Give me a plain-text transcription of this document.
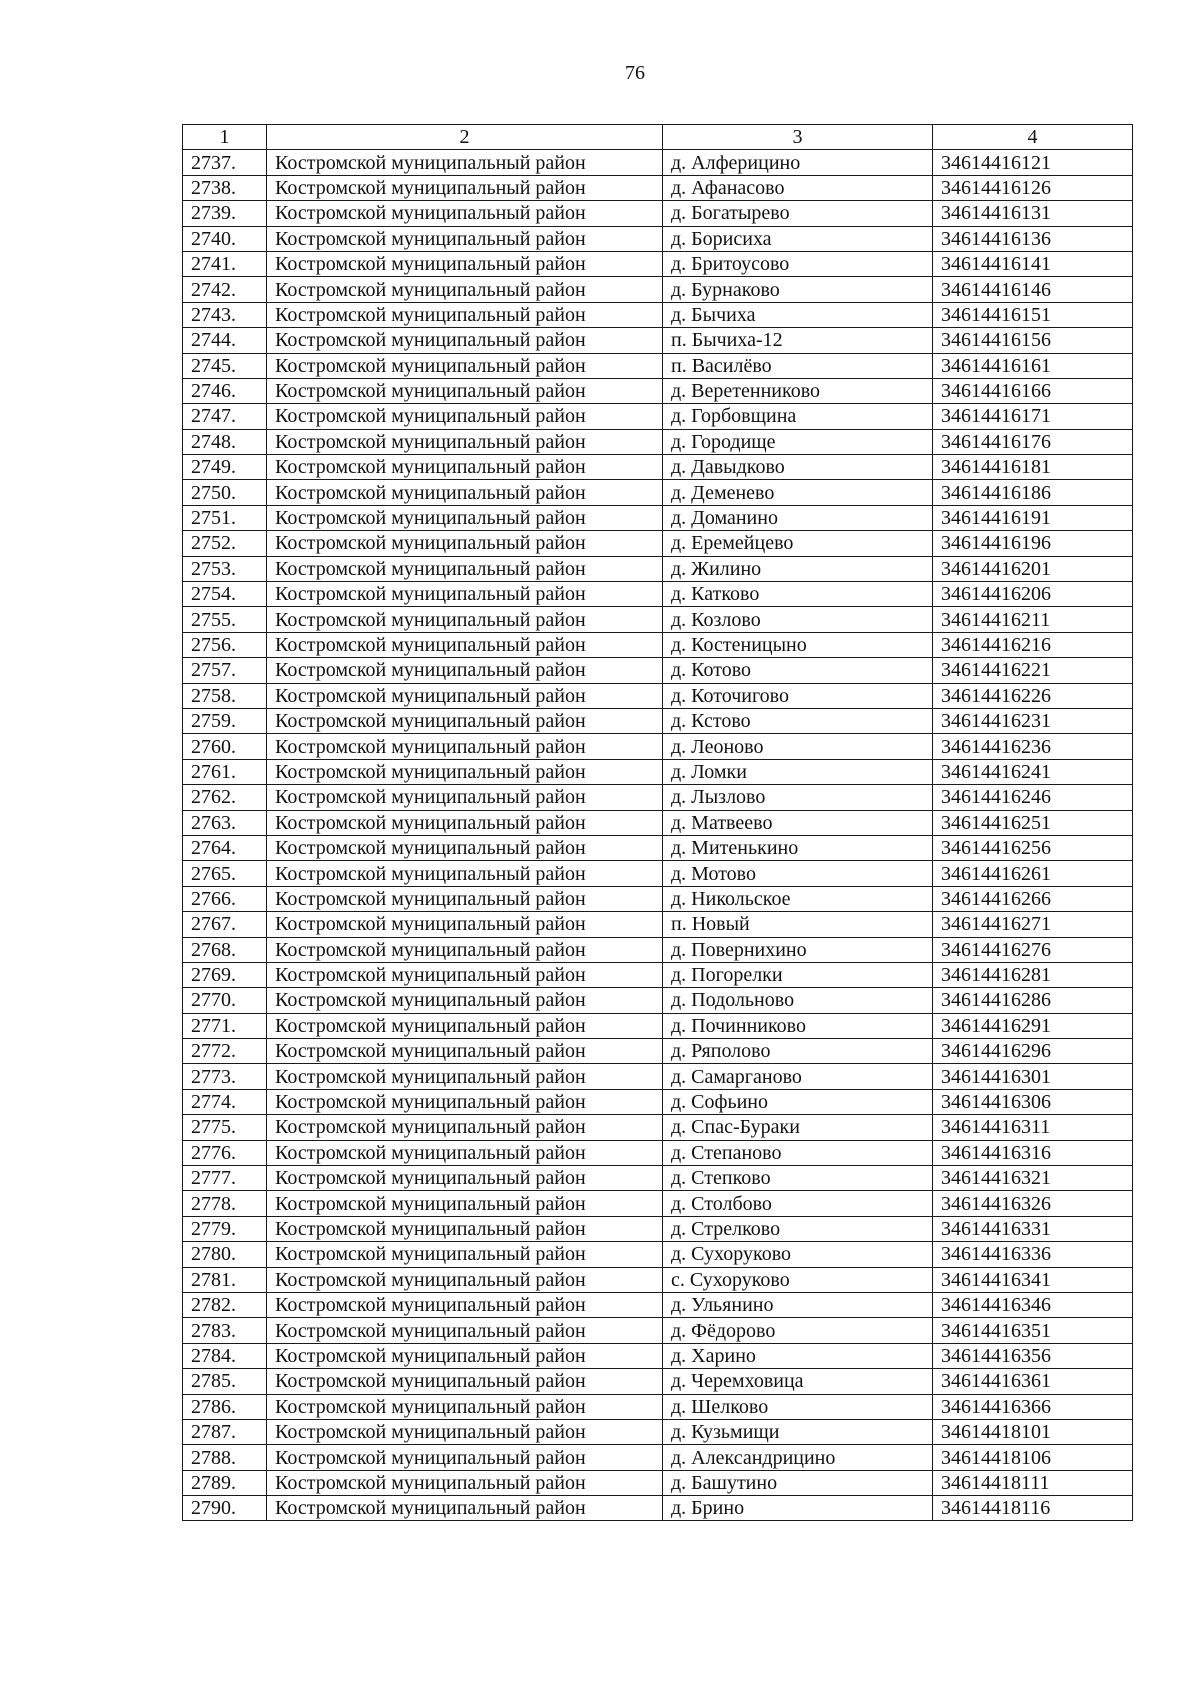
76
1	2	3	4
2737.	Костромской муниципальный район	д. Алферицино	34614416121
2738.	Костромской муниципальный район	д. Афанасово	34614416126
2739.	Костромской муниципальный район	д. Богатырево	34614416131
2740.	Костромской муниципальный район	д. Борисиха	34614416136
2741.	Костромской муниципальный район	д. Бритоусово	34614416141
2742.	Костромской муниципальный район	д. Бурнаково	34614416146
2743.	Костромской муниципальный район	д. Бычиха	34614416151
2744.	Костромской муниципальный район	п. Бычиха-12	34614416156
2745.	Костромской муниципальный район	п. Василёво	34614416161
2746.	Костромской муниципальный район	д. Веретенниково	34614416166
2747.	Костромской муниципальный район	д. Горбовщина	34614416171
2748.	Костромской муниципальный район	д. Городище	34614416176
2749.	Костромской муниципальный район	д. Давыдково	34614416181
2750.	Костромской муниципальный район	д. Деменево	34614416186
2751.	Костромской муниципальный район	д. Доманино	34614416191
2752.	Костромской муниципальный район	д. Еремейцево	34614416196
2753.	Костромской муниципальный район	д. Жилино	34614416201
2754.	Костромской муниципальный район	д. Катково	34614416206
2755.	Костромской муниципальный район	д. Козлово	34614416211
2756.	Костромской муниципальный район	д. Костеницыно	34614416216
2757.	Костромской муниципальный район	д. Котово	34614416221
2758.	Костромской муниципальный район	д. Коточигово	34614416226
2759.	Костромской муниципальный район	д. Кстово	34614416231
2760.	Костромской муниципальный район	д. Леоново	34614416236
2761.	Костромской муниципальный район	д. Ломки	34614416241
2762.	Костромской муниципальный район	д. Лызлово	34614416246
2763.	Костромской муниципальный район	д. Матвеево	34614416251
2764.	Костромской муниципальный район	д. Митенькино	34614416256
2765.	Костромской муниципальный район	д. Мотово	34614416261
2766.	Костромской муниципальный район	д. Никольское	34614416266
2767.	Костромской муниципальный район	п. Новый	34614416271
2768.	Костромской муниципальный район	д. Повернихино	34614416276
2769.	Костромской муниципальный район	д. Погорелки	34614416281
2770.	Костромской муниципальный район	д. Подольново	34614416286
2771.	Костромской муниципальный район	д. Починниково	34614416291
2772.	Костромской муниципальный район	д. Ряполово	34614416296
2773.	Костромской муниципальный район	д. Самарганово	34614416301
2774.	Костромской муниципальный район	д. Софьино	34614416306
2775.	Костромской муниципальный район	д. Спас-Бураки	34614416311
2776.	Костромской муниципальный район	д. Степаново	34614416316
2777.	Костромской муниципальный район	д. Степково	34614416321
2778.	Костромской муниципальный район	д. Столбово	34614416326
2779.	Костромской муниципальный район	д. Стрелково	34614416331
2780.	Костромской муниципальный район	д. Сухоруково	34614416336
2781.	Костромской муниципальный район	с. Сухоруково	34614416341
2782.	Костромской муниципальный район	д. Ульянино	34614416346
2783.	Костромской муниципальный район	д. Фёдорово	34614416351
2784.	Костромской муниципальный район	д. Харино	34614416356
2785.	Костромской муниципальный район	д. Черемховица	34614416361
2786.	Костромской муниципальный район	д. Шелково	34614416366
2787.	Костромской муниципальный район	д. Кузьмищи	34614418101
2788.	Костромской муниципальный район	д. Александрицино	34614418106
2789.	Костромской муниципальный район	д. Башутино	34614418111
2790.	Костромской муниципальный район	д. Брино	34614418116
